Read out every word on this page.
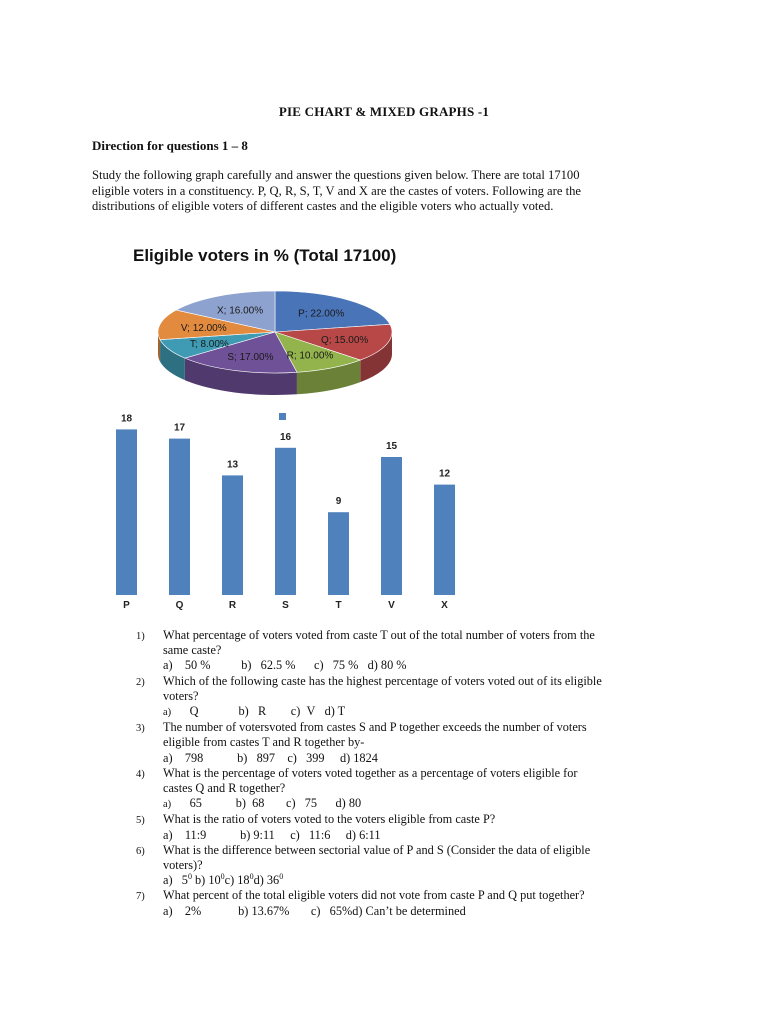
PIE CHART & MIXED GRAPHS -1
Direction for questions 1 – 8
Study the following graph carefully and answer the questions given below. There are total 17100
eligible voters in a constituency. P, Q, R, S, T, V and X are the castes of voters. Following are the
distributions of eligible voters of different castes and the eligible voters who actually voted.
P; 22.00%
Q; 15.00%
R; 10.00%
S; 17.00%
T; 8.00%
V; 12.00%
X; 16.00%
Eligible voters in % (Total 17100)
18
P
17
Q
13
R
16
S
9
T
15
V
12
X
1) What percentage of voters voted from caste T out of the total number of voters from the
same caste?
a)    50 %	b)   62.5 % c)   75 % d) 80 %
2) Which of the following caste has the highest percentage of voters voted out of its eligible
voters?
a) Q	b)   R c)  V d) T
3) The number of votersvoted from castes S and P together exceeds the number of voters
eligible from castes T and R together by-
a)    798	b)   897 c)   399 d) 1824
4) What is the percentage of voters voted together as a percentage of voters eligible for
castes Q and R together?
a) 65	b)  68 c)   75 d) 80
5) What is the ratio of voters voted to the voters eligible from caste P?
a)    11:9	b) 9:11 c)   11:6 d) 6:11
6) What is the difference between sectorial value of P and S (Consider the data of eligible
voters)?
a)   $5^0$ b) $10^0c$) $18^0d$) $36^0$
7) What percent of the total eligible voters did not vote from caste P and Q put together?
a)    2%	b) 13.67% c)   65%d) Can’t be determined
